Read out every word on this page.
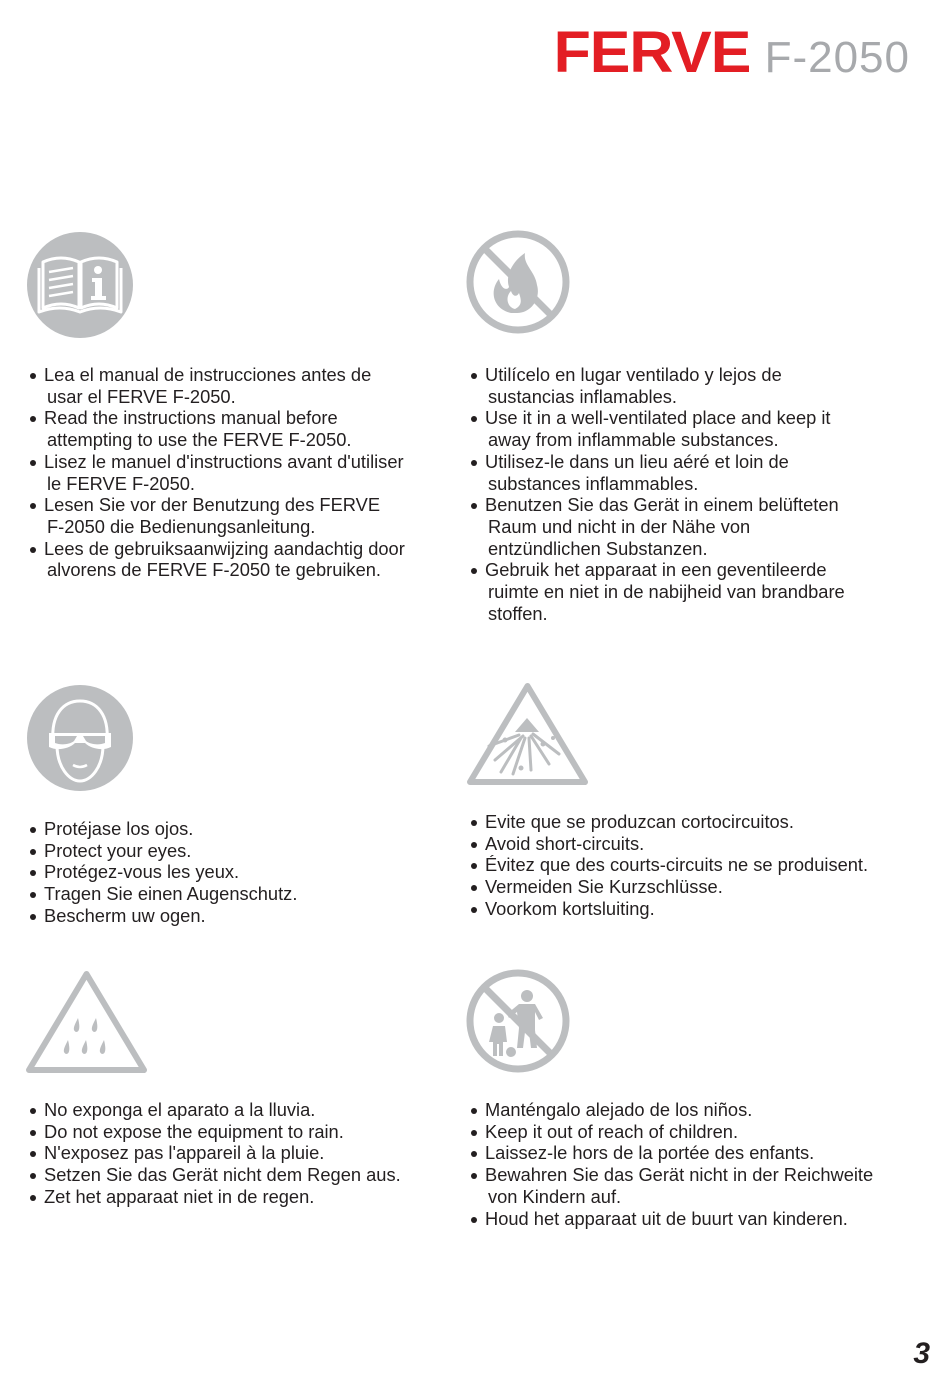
FERVE F-2050
Lea el manual de instrucciones antes de
usar el FERVE F-2050.
Read the instructions manual before
attempting to use the FERVE F-2050.
Lisez le manuel d'instructions avant d'utiliser
le FERVE F-2050.
Lesen Sie vor der Benutzung des FERVE
F-2050 die Bedienungsanleitung.
Lees de gebruiksaanwijzing aandachtig door
alvorens de FERVE F-2050 te gebruiken.
Utilícelo en lugar ventilado y lejos de
sustancias inflamables.
Use it in a well-ventilated place and keep it
away from inflammable substances.
Utilisez-le dans un lieu aéré et loin de
substances inflammables.
Benutzen Sie das Gerät in einem belüfteten
Raum und nicht in der Nähe von
entzündlichen Substanzen.
Gebruik het apparaat in een geventileerde
ruimte en niet in de nabijheid van brandbare
stoffen.
Protéjase los ojos.
Protect your eyes.
Protégez-vous les yeux.
Tragen Sie einen Augenschutz.
Bescherm uw ogen.
Evite que se produzcan cortocircuitos.
Avoid short-circuits.
Évitez que des courts-circuits ne se produisent.
Vermeiden Sie Kurzschlüsse.
Voorkom kortsluiting.
No exponga el aparato a la lluvia.
Do not expose the equipment to rain.
N'exposez pas l'appareil à la pluie.
Setzen Sie das Gerät nicht dem Regen aus.
Zet het apparaat niet in de regen.
Manténgalo alejado de los niños.
Keep it out of reach of children.
Laissez-le hors de la portée des enfants.
Bewahren Sie das Gerät nicht in der Reichweite
von Kindern auf.
Houd het apparaat uit de buurt van kinderen.
3
